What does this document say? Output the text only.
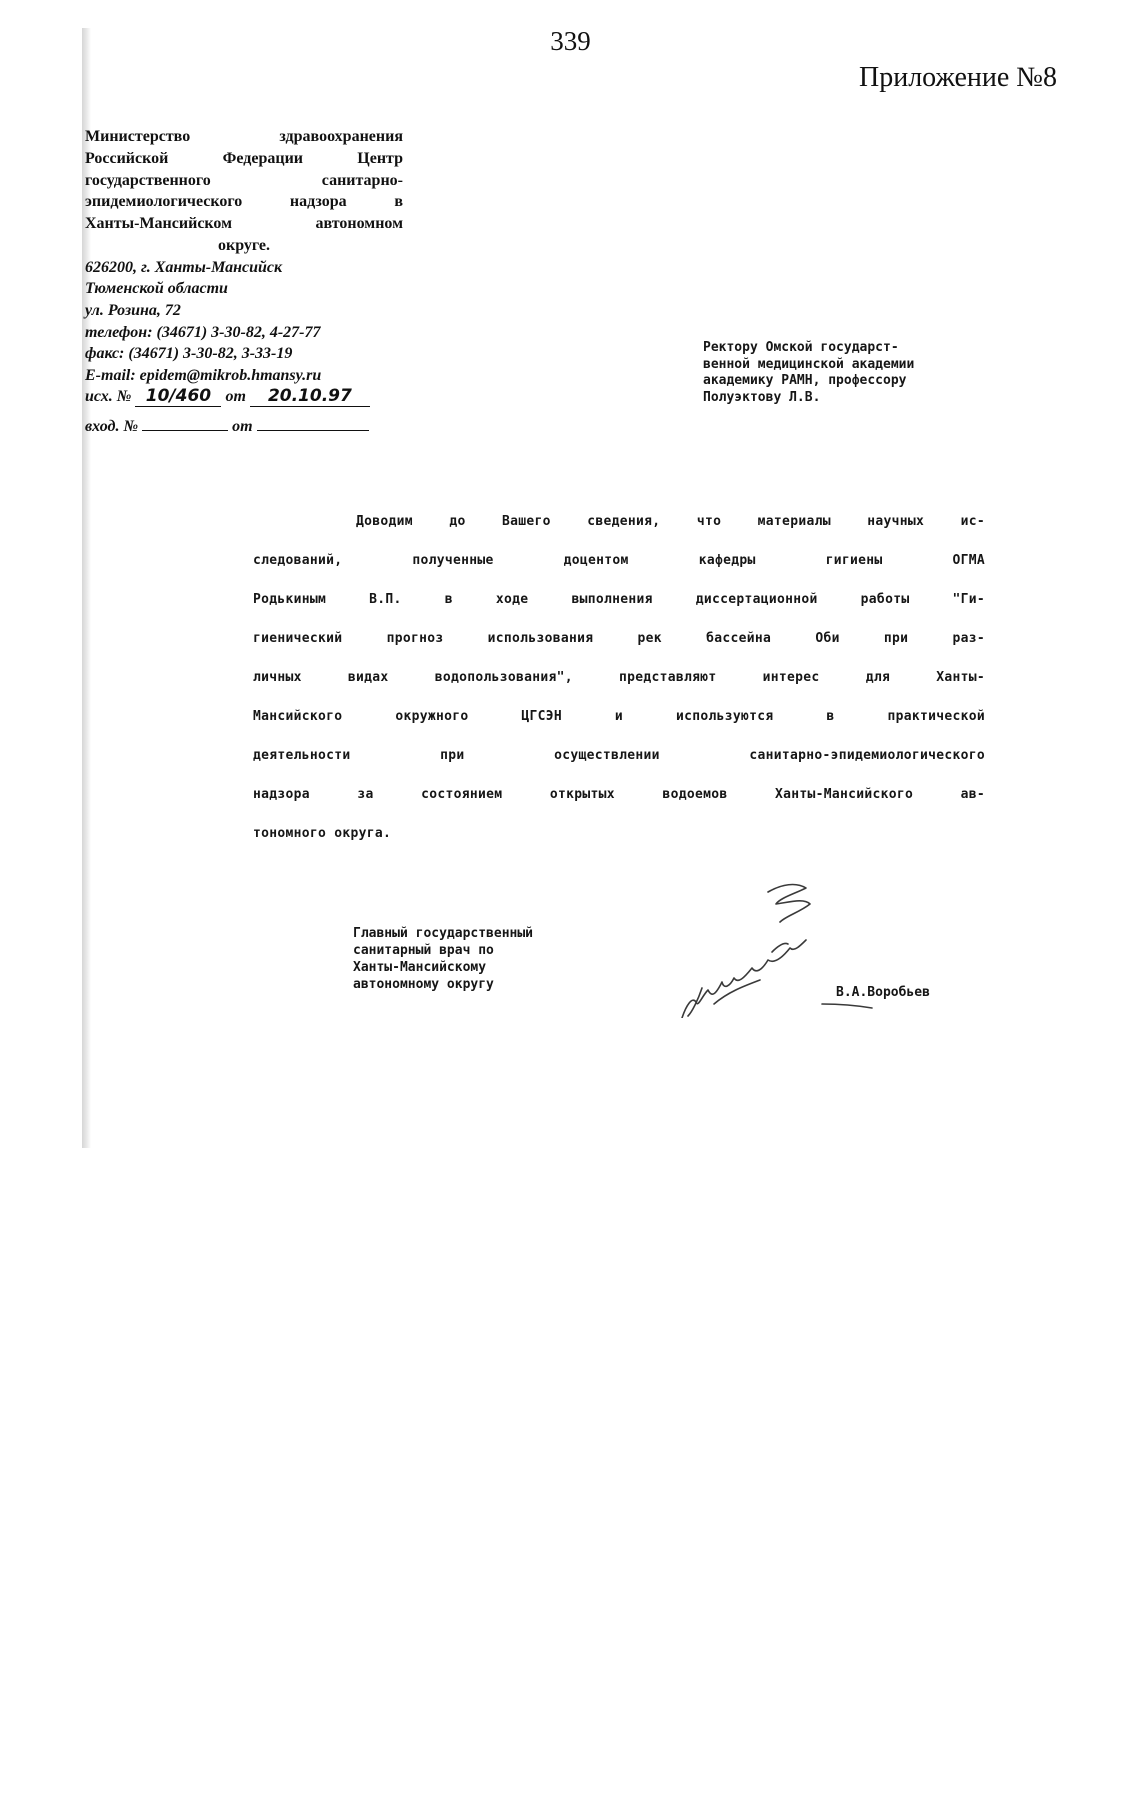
339
Приложение №8
Министерство здравоохранения
Российской Федерации Центр
государственного санитарно-
эпидемиологического надзора в
Ханты-Мансийском автономном
округе.
626200, г. Ханты-Мансийск
Тюменской области
ул. Розина, 72
телефон: (34671) 3-30-82, 4-27-77
факс: (34671) 3-30-82, 3-33-19
E-mail: epidem@mikrob.hmansy.ru
исх. № 10/460 от 20.10.97
вход. №	от
Ректору Омской государст-
венной медицинской академии
академику РАМН, профессору
Полуэктову Л.В.
Доводим до Вашего сведения, что материалы научных ис-
следований, полученные доцентом кафедры гигиены ОГМА
Родькиным В.П. в ходе выполнения диссертационной работы "Ги-
гиенический прогноз использования рек бассейна Оби при раз-
личных видах водопользования", представляют интерес для Ханты-
Мансийского окружного ЦГСЭН и используются в практической
деятельности при осуществлении санитарно-эпидемиологического
надзора за состоянием открытых водоемов Ханты-Мансийского ав-
тономного округа.
Главный государственный
санитарный врач по
Ханты-Мансийскому
автономному округу
В.А.Воробьев
